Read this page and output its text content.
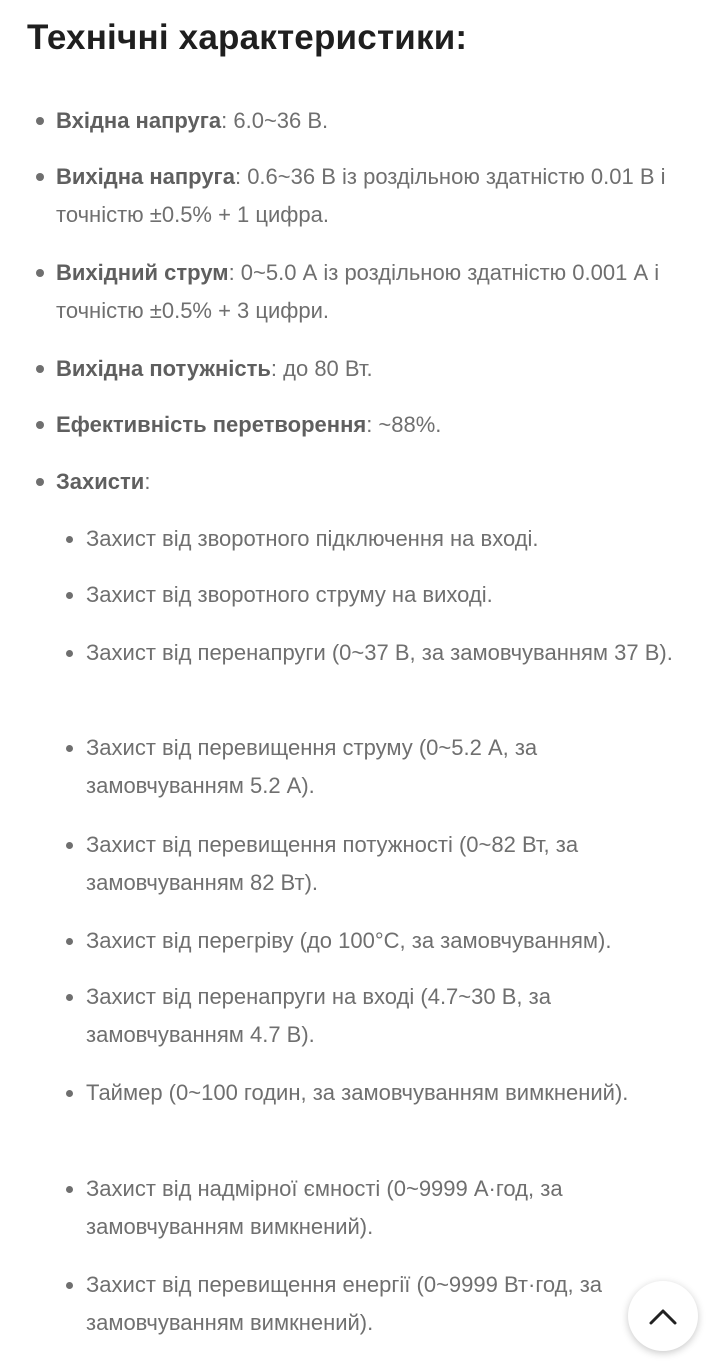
Технічні характеристики:
Вхідна напруга: 6.0~36 В.
Вихідна напруга: 0.6~36 В із роздільною здатністю 0.01 В і точністю ±0.5% + 1 цифра.
Вихідний струм: 0~5.0 А із роздільною здатністю 0.001 А і точністю ±0.5% + 3 цифри.
Вихідна потужність: до 80 Вт.
Ефективність перетворення: ~88%.
Захисти:
Захист від зворотного підключення на вході.
Захист від зворотного струму на виході.
Захист від перенапруги (0~37 В, за замовчуванням 37 В).
Захист від перевищення струму (0~5.2 А, за замовчуванням 5.2 А).
Захист від перевищення потужності (0~82 Вт, за замовчуванням 82 Вт).
Захист від перегріву (до 100°C, за замовчуванням).
Захист від перенапруги на вході (4.7~30 В, за замовчуванням 4.7 В).
Таймер (0~100 годин, за замовчуванням вимкнений).
Захист від надмірної ємності (0~9999 А·год, за замовчуванням вимкнений).
Захист від перевищення енергії (0~9999 Вт·год, за замовчуванням вимкнений).
